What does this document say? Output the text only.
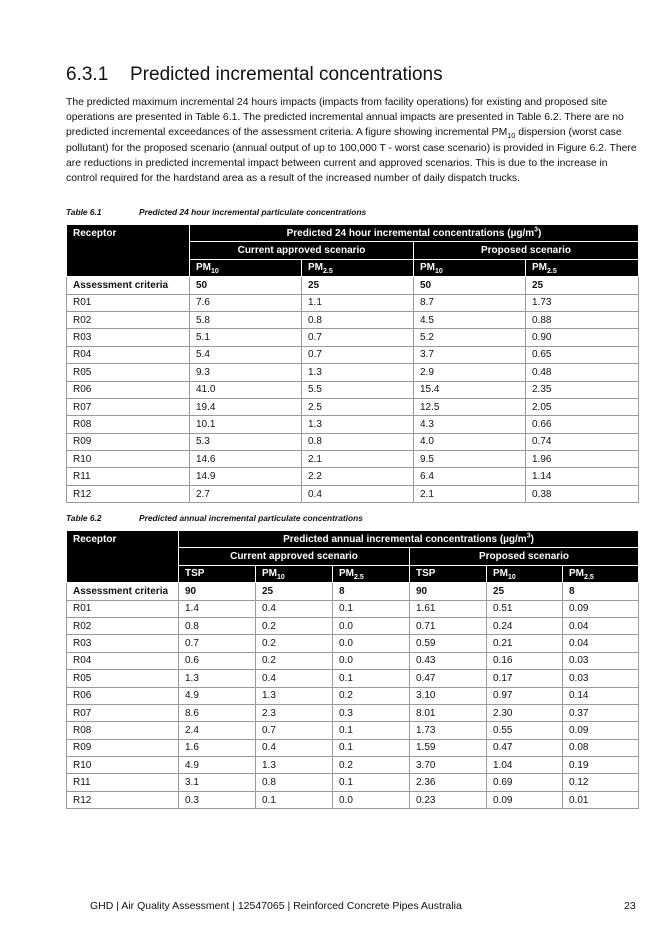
6.3.1 Predicted incremental concentrations

The predicted maximum incremental 24 hours impacts (impacts from facility operations) for existing and proposed site operations are presented in Table 6.1. The predicted incremental annual impacts are presented in Table 6.2. There are no predicted incremental exceedances of the assessment criteria. A figure showing incremental $PM_{10}$ dispersion (worst case pollutant) for the proposed scenario (annual output of up to 100,000 T - worst case scenario) is provided in Figure 6.2. There are reductions in predicted incremental impact between current and approved scenarios. This is due to the increase in control required for the hardstand area as a result of the increased number of daily dispatch trucks.

Table 6.1	Predicted 24 hour incremental particulate concentrations
Receptor	Predicted 24 hour incremental concentrations $(\mu g/m^3)$			
	Current approved scenario		Proposed scenario	
	$PM_{10}$	$PM_{2.5}$	$PM_{10}$	$PM_{2.5}$
Assessment criteria	50	25	50	25
R01	7.6	1.1	8.7	1.73
R02	5.8	0.8	4.5	0.88
R03	5.1	0.7	5.2	0.90
R04	5.4	0.7	3.7	0.65
R05	9.3	1.3	2.9	0.48
R06	41.0	5.5	15.4	2.35
R07	19.4	2.5	12.5	2.05
R08	10.1	1.3	4.3	0.66
R09	5.3	0.8	4.0	0.74
R10	14.6	2.1	9.5	1.96
R11	14.9	2.2	6.4	1.14
R12	2.7	0.4	2.1	0.38
Table 6.2	Predicted annual incremental particulate concentrations
Receptor	Predicted annual incremental concentrations $(\mu g/m^3)$					
	Current approved scenario			Proposed scenario		
	TSP	$PM_{10}$	$PM_{2.5}$	TSP	$PM_{10}$	$PM_{2.5}$
Assessment criteria	90	25	8	90	25	8
R01	1.4	0.4	0.1	1.61	0.51	0.09
R02	0.8	0.2	0.0	0.71	0.24	0.04
R03	0.7	0.2	0.0	0.59	0.21	0.04
R04	0.6	0.2	0.0	0.43	0.16	0.03
R05	1.3	0.4	0.1	0.47	0.17	0.03
R06	4.9	1.3	0.2	3.10	0.97	0.14
R07	8.6	2.3	0.3	8.01	2.30	0.37
R08	2.4	0.7	0.1	1.73	0.55	0.09
R09	1.6	0.4	0.1	1.59	0.47	0.08
R10	4.9	1.3	0.2	3.70	1.04	0.19
R11	3.1	0.8	0.1	2.36	0.69	0.12
R12	0.3	0.1	0.0	0.23	0.09	0.01
GHD | Air Quality Assessment | 12547065 | Reinforced Concrete Pipes Australia	23
